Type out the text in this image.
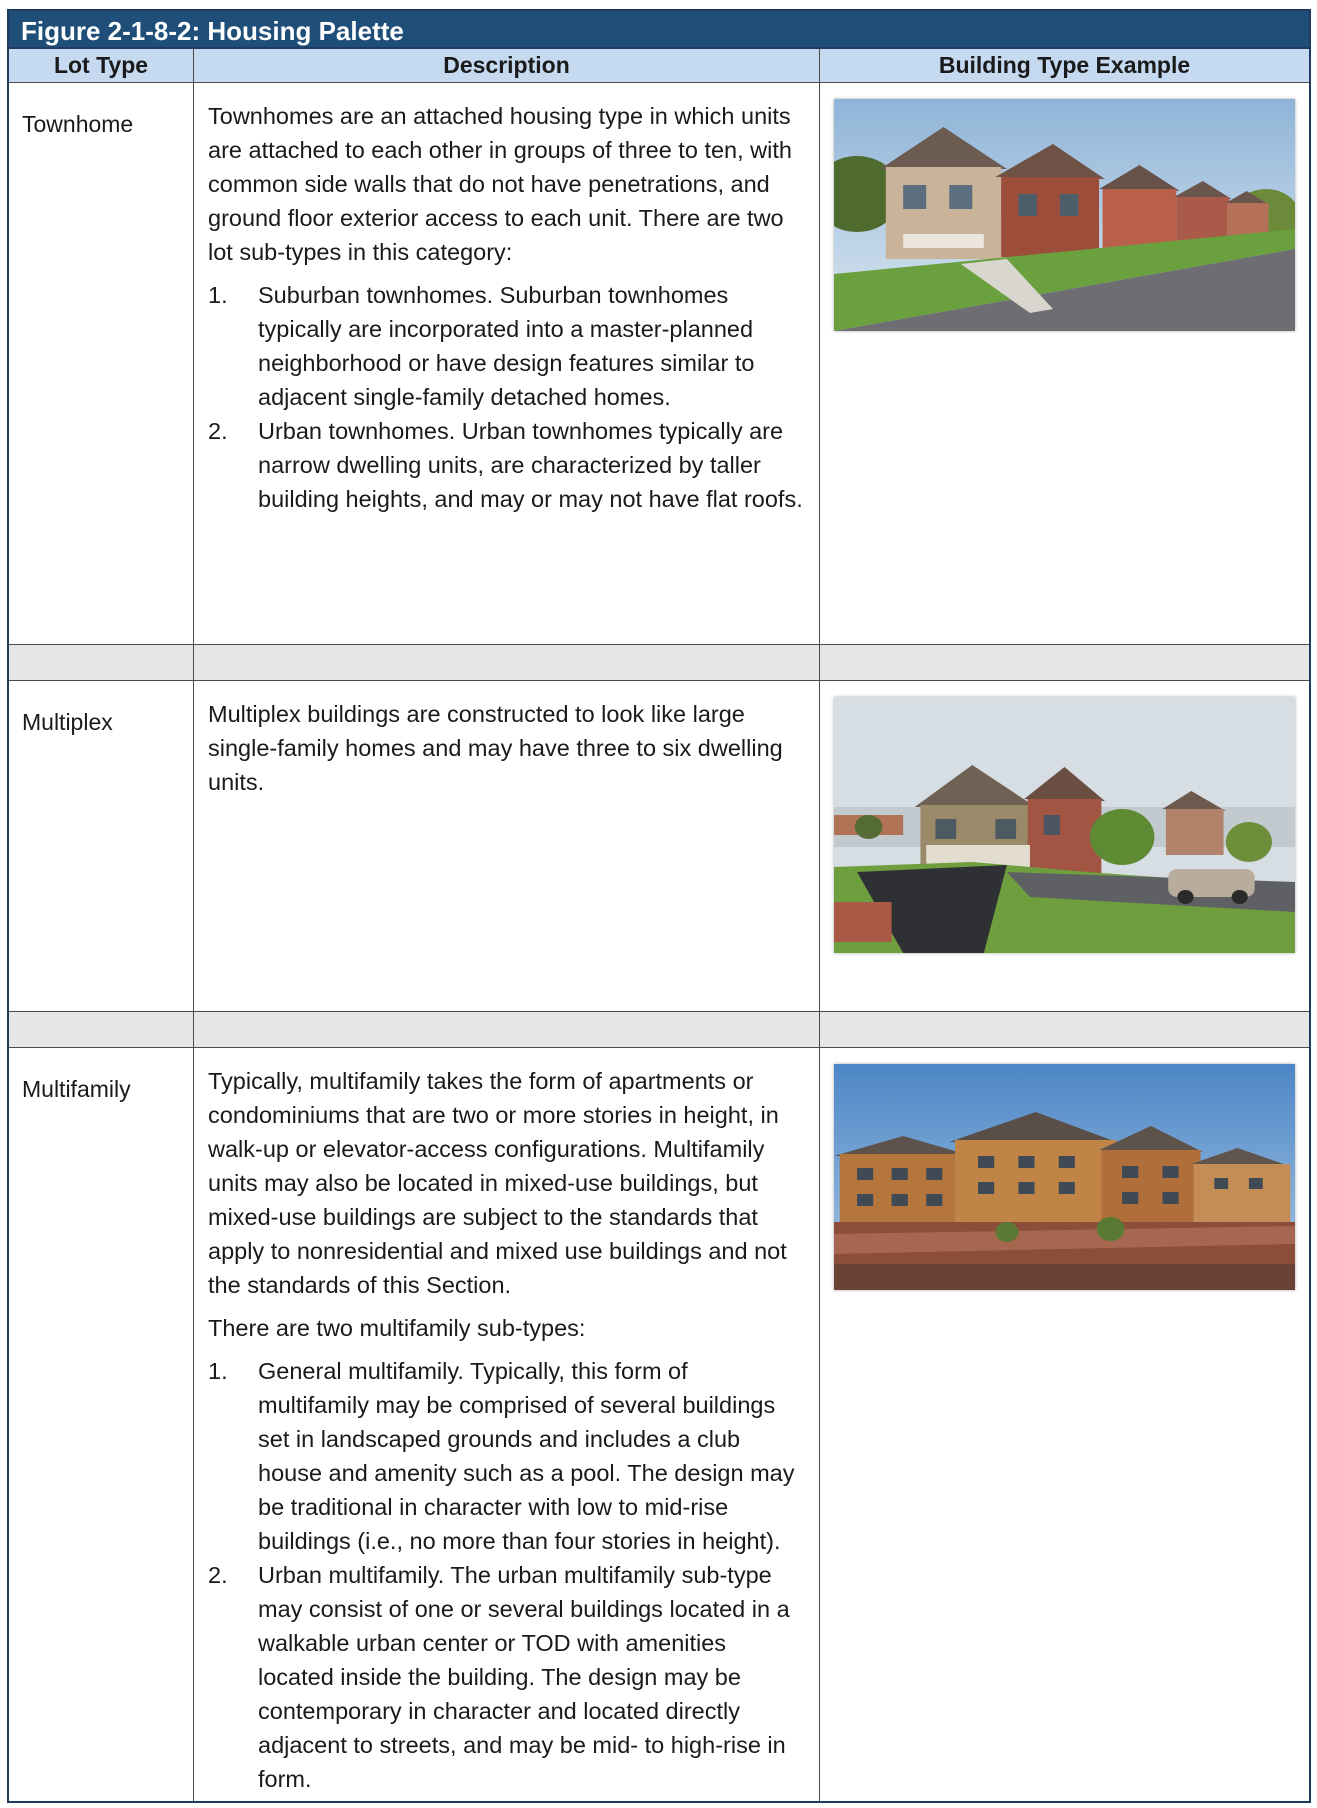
Figure 2-1-8-2: Housing Palette
Lot Type	Description	Building Type Example
Townhome	Townhomes are an attached housing type in which units are attached to each other in groups of three to ten, with common side walls that do not have penetrations, and ground floor exterior access to each unit. There are two lot sub-types in this category:

1.	Suburban townhomes. Suburban townhomes typically are incorporated into a master-planned neighborhood or have design features similar to adjacent single-family detached homes.
2.	Urban townhomes. Urban townhomes typically are narrow dwelling units, are characterized by taller building heights, and may or may not have flat roofs.
Multiplex	Multiplex buildings are constructed to look like large single-family homes and may have three to six dwelling units.

Multifamily	Typically, multifamily takes the form of apartments or condominiums that are two or more stories in height, in walk-up or elevator-access configurations. Multifamily units may also be located in mixed-use buildings, but mixed-use buildings are subject to the standards that apply to nonresidential and mixed use buildings and not the standards of this Section.

There are two multifamily sub-types:

1.	General multifamily. Typically, this form of multifamily may be comprised of several buildings set in landscaped grounds and includes a club house and amenity such as a pool. The design may be traditional in character with low to mid-rise buildings (i.e., no more than four stories in height).
2.	Urban multifamily. The urban multifamily sub-type may consist of one or several buildings located in a walkable urban center or TOD with amenities located inside the building. The design may be contemporary in character and located directly adjacent to streets, and may be mid- to high-rise in form.
